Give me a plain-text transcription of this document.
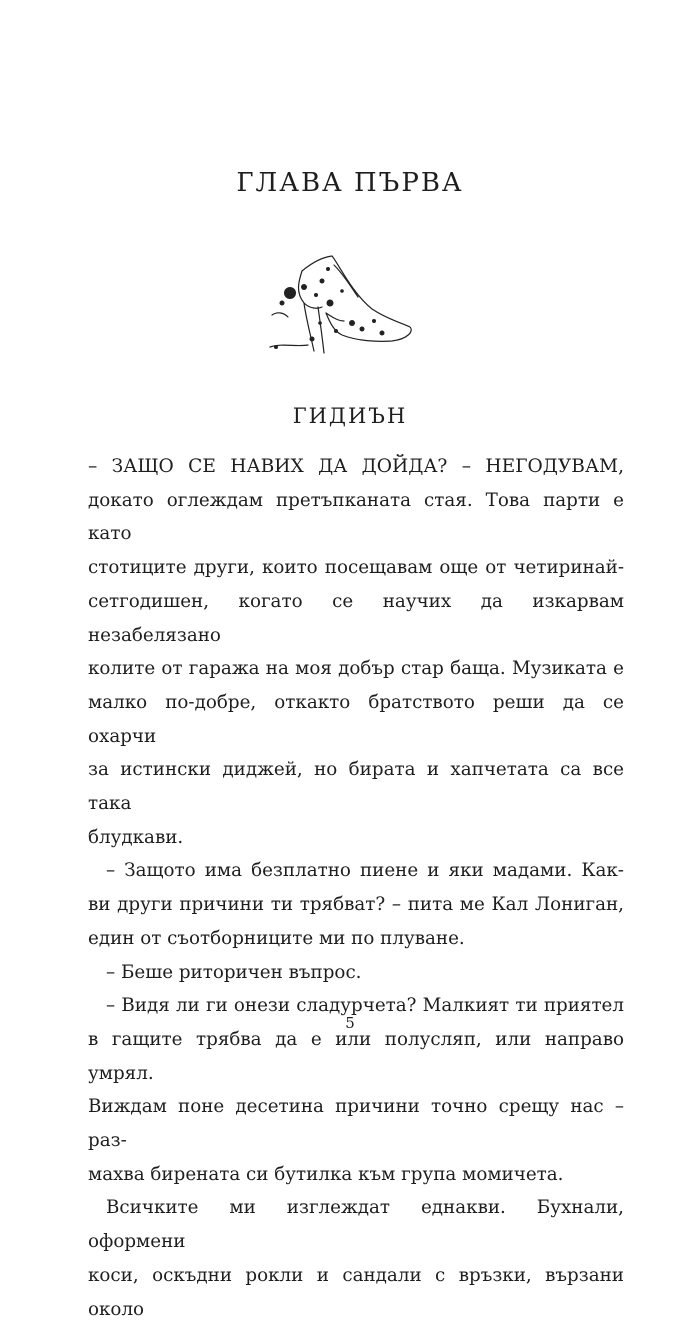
ГЛАВА ПЪРВА
ГИДИЪН

– ЗАЩО СЕ НАВИХ ДА ДОЙДА? – НЕГОДУВАМ,

докато оглеждам претъпканата стая. Това парти е като

стотиците други, които посещавам още от четиринай-

сетгодишен, когато се научих да изкарвам незабелязано

колите от гаража на моя добър стар баща. Музиката е

малко по-добре, откакто братството реши да се охарчи

за истински диджей, но бирата и хапчетата са все така

блудкави.

– Защото има безплатно пиене и яки мадами. Как-

ви други причини ти трябват? – пита ме Кал Лониган,

един от съотборниците ми по плуване.

– Беше риторичен въпрос.

– Видя ли ги онези сладурчета? Малкият ти приятел

в гащите трябва да е или полусляп, или направо умрял.

Виждам поне десетина причини точно срещу нас – раз-

махва бирената си бутилка към група момичета.

Всичките ми изглеждат еднакви. Бухнали, оформени

коси, оскъдни рокли и сандали с връзки, вързани около

5
